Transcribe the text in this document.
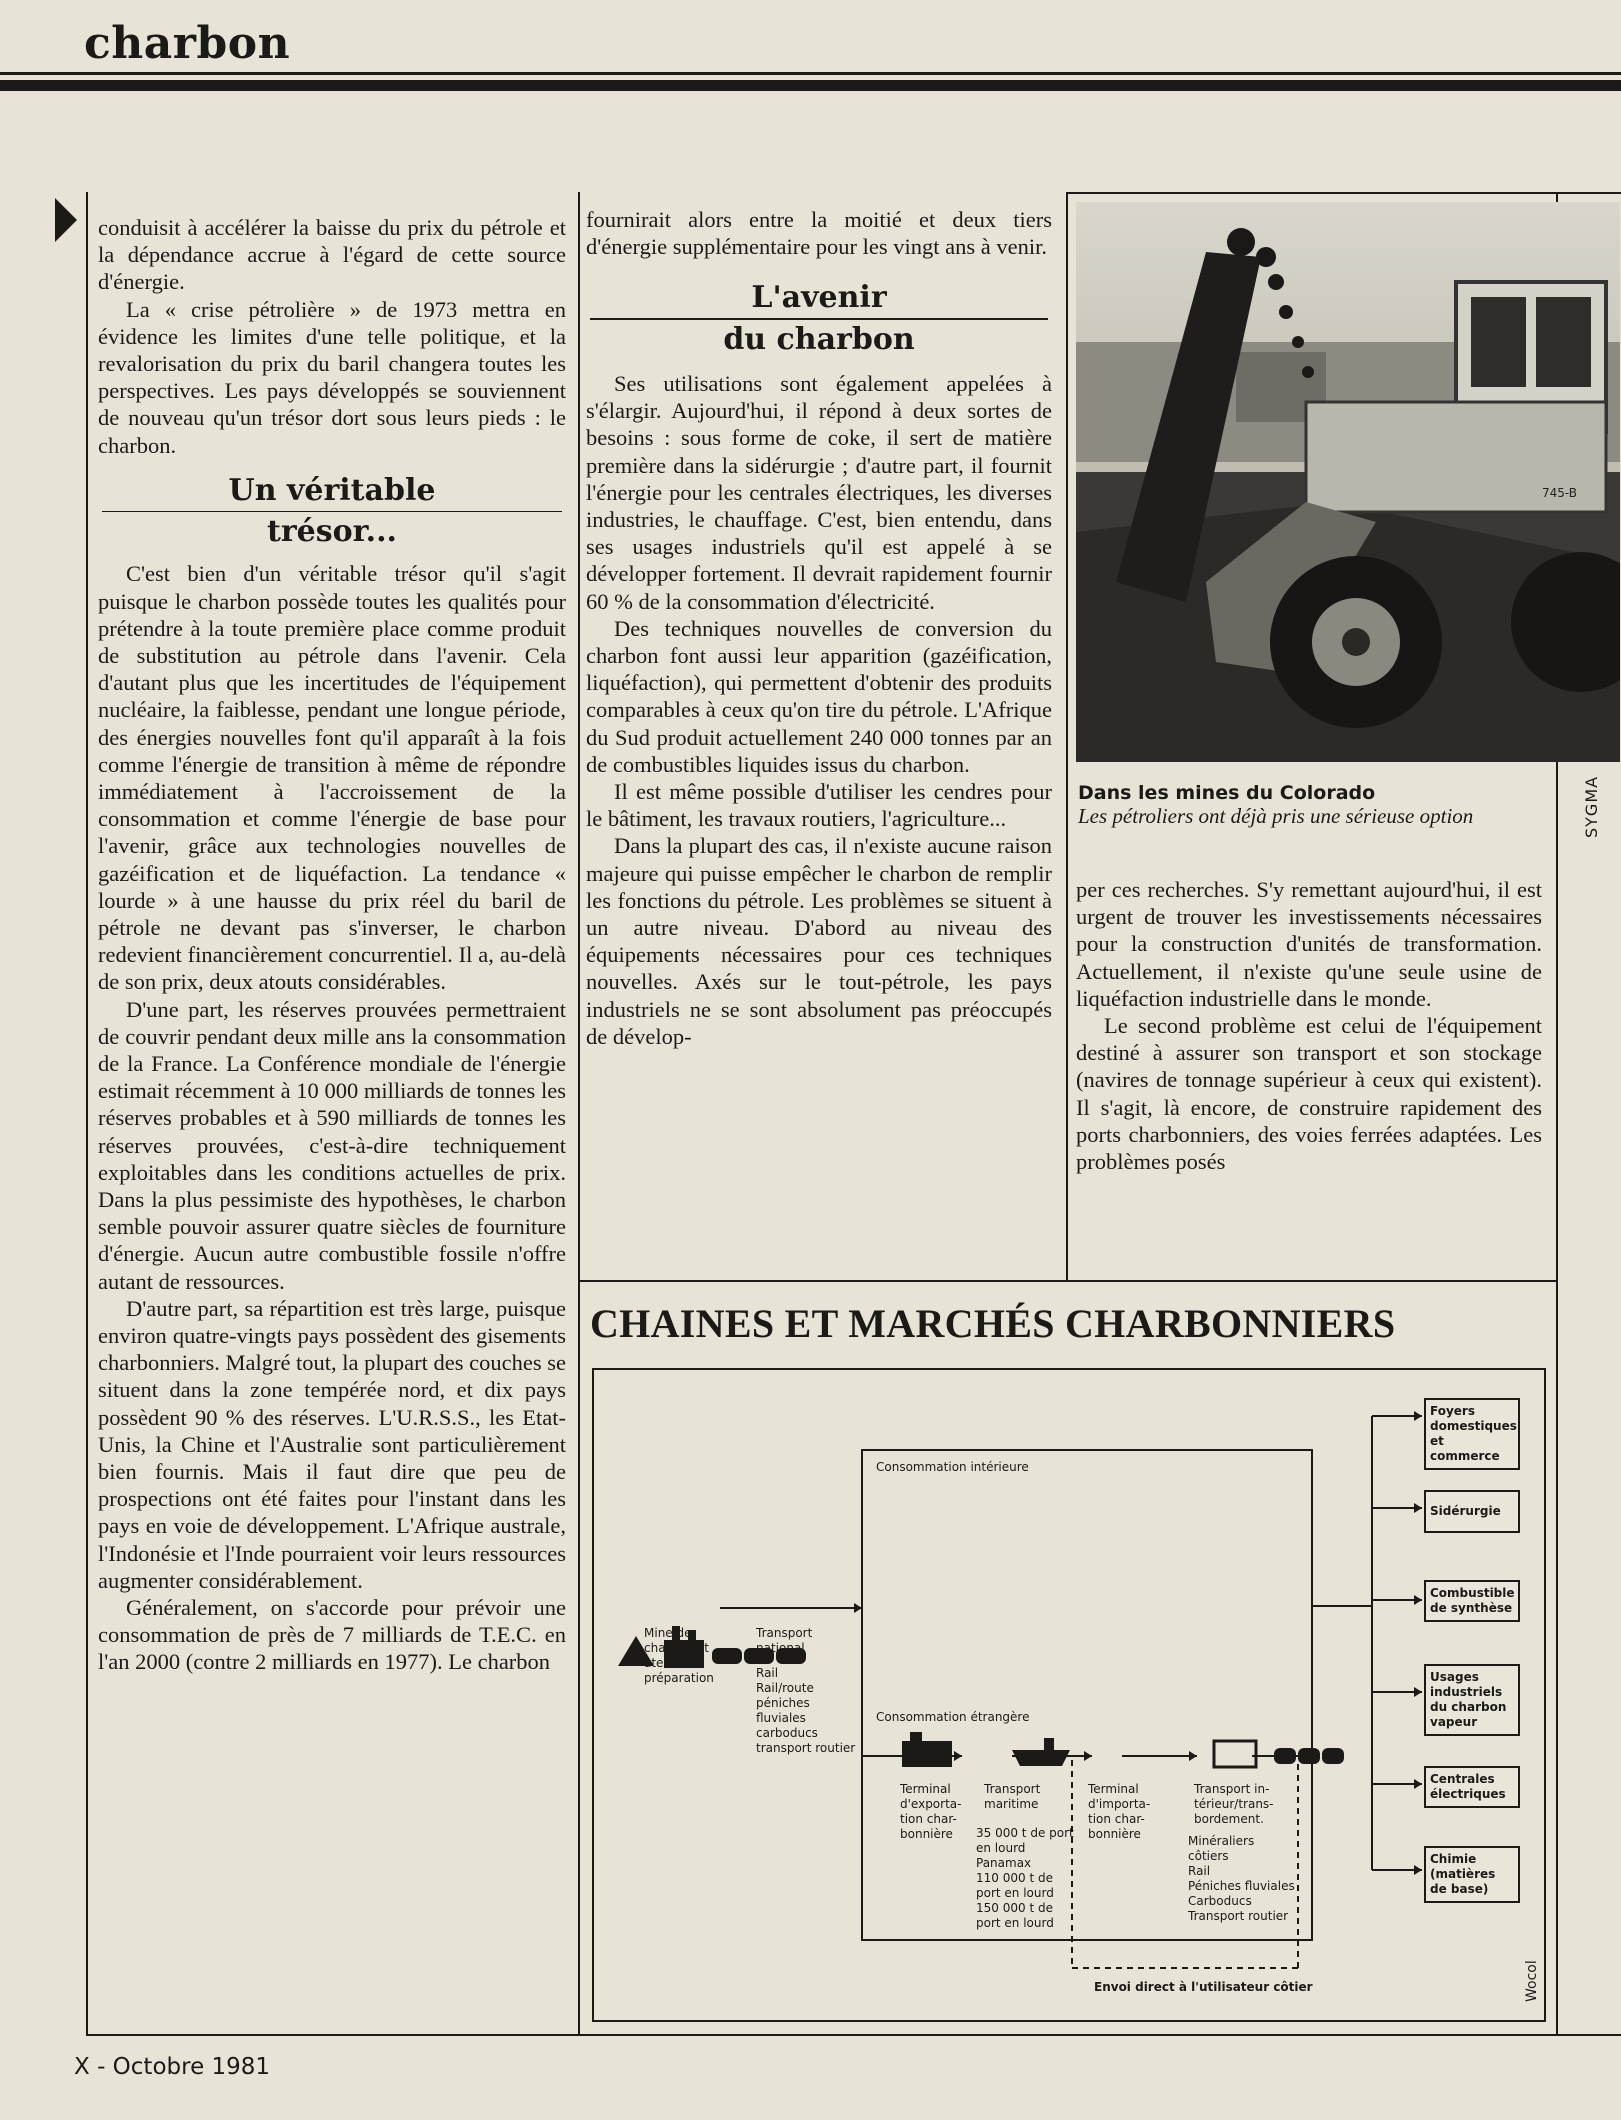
charbon

conduisit à accélérer la baisse du prix du pétrole et la dépendance accrue à l'égard de cette source d'énergie.

La « crise pétrolière » de 1973 mettra en évidence les limites d'une telle politique, et la revalorisation du prix du baril changera toutes les perspectives. Les pays développés se souviennent de nouveau qu'un trésor dort sous leurs pieds : le charbon.

Un véritable
trésor...

C'est bien d'un véritable trésor qu'il s'agit puisque le charbon possède toutes les qualités pour prétendre à la toute première place comme produit de substitution au pétrole dans l'avenir. Cela d'autant plus que les incertitudes de l'équipement nucléaire, la faiblesse, pendant une longue période, des énergies nouvelles font qu'il apparaît à la fois comme l'énergie de transition à même de répondre immédiatement à l'accroissement de la consommation et comme l'énergie de base pour l'avenir, grâce aux technologies nouvelles de gazéification et de liquéfaction. La tendance « lourde » à une hausse du prix réel du baril de pétrole ne devant pas s'inverser, le charbon redevient financièrement concurrentiel. Il a, au-delà de son prix, deux atouts considérables.

D'une part, les réserves prouvées permettraient de couvrir pendant deux mille ans la consommation de la France. La Conférence mondiale de l'énergie estimait récemment à 10 000 milliards de tonnes les réserves probables et à 590 milliards de tonnes les réserves prouvées, c'est-à-dire techniquement exploitables dans les conditions actuelles de prix. Dans la plus pessimiste des hypothèses, le charbon semble pouvoir assurer quatre siècles de fourniture d'énergie. Aucun autre combustible fossile n'offre autant de ressources.

D'autre part, sa répartition est très large, puisque environ quatre-vingts pays possèdent des gisements charbonniers. Malgré tout, la plupart des couches se situent dans la zone tempérée nord, et dix pays possèdent 90 % des réserves. L'U.R.S.S., les Etat-Unis, la Chine et l'Australie sont particulièrement bien fournis. Mais il faut dire que peu de prospections ont été faites pour l'instant dans les pays en voie de développement. L'Afrique australe, l'Indonésie et l'Inde pourraient voir leurs ressources augmenter considérablement.

Généralement, on s'accorde pour prévoir une consommation de près de 7 milliards de T.E.C. en l'an 2000 (contre 2 milliards en 1977). Le charbon

fournirait alors entre la moitié et deux tiers d'énergie supplémentaire pour les vingt ans à venir.

L'avenir
du charbon

Ses utilisations sont également appelées à s'élargir. Aujourd'hui, il répond à deux sortes de besoins : sous forme de coke, il sert de matière première dans la sidérurgie ; d'autre part, il fournit l'énergie pour les centrales électriques, les diverses industries, le chauffage. C'est, bien entendu, dans ses usages industriels qu'il est appelé à se développer fortement. Il devrait rapidement fournir 60 % de la consommation d'électricité.

Des techniques nouvelles de conversion du charbon font aussi leur apparition (gazéification, liquéfaction), qui permettent d'obtenir des produits comparables à ceux qu'on tire du pétrole. L'Afrique du Sud produit actuellement 240 000 tonnes par an de combustibles liquides issus du charbon.

Il est même possible d'utiliser les cendres pour le bâtiment, les travaux routiers, l'agriculture...

Dans la plupart des cas, il n'existe aucune raison majeure qui puisse empêcher le charbon de remplir les fonctions du pétrole. Les problèmes se situent à un autre niveau. D'abord au niveau des équipements nécessaires pour ces techniques nouvelles. Axés sur le tout-pétrole, les pays industriels ne se sont absolument pas préoccupés de dévelop-

745-B
Dans les mines du Colorado
Les pétroliers ont déjà pris une sérieuse option	SYGMA

per ces recherches. S'y remettant aujourd'hui, il est urgent de trouver les investissements nécessaires pour la construction d'unités de transformation. Actuellement, il n'existe qu'une seule usine de liquéfaction industrielle dans le monde.

Le second problème est celui de l'équipement destiné à assurer son transport et son stockage (navires de tonnage supérieur à ceux qui existent). Il s'agit, là encore, de construire rapidement des ports charbonniers, des voies ferrées adaptées. Les problèmes posés

CHAINES ET MARCHÉS CHARBONNIERS
Consommation intérieure
Consommation étrangère
Mine de charbon et atelier de préparation
Transport national
Rail
Rail/route
péniches fluviales
carboducs
transport routier
Terminal d'exporta- tion char- bonnière
Transport maritime
35 000 t de port en lourd
Panamax
110 000 t de port en lourd
150 000 t de port en lourd
Terminal d'importa- tion char- bonnière
Transport in- térieur/trans- bordement.
Minéraliers côtiers
Rail
Péniches fluviales
Carboducs
Transport routier
Envoi direct à l'utilisateur côtier
Foyers domestiques et commerce
Sidérurgie
Combustible de synthèse
Usages industriels du charbon vapeur
Centrales électriques
Chimie (matières de base)
Wocol
X - Octobre 1981
